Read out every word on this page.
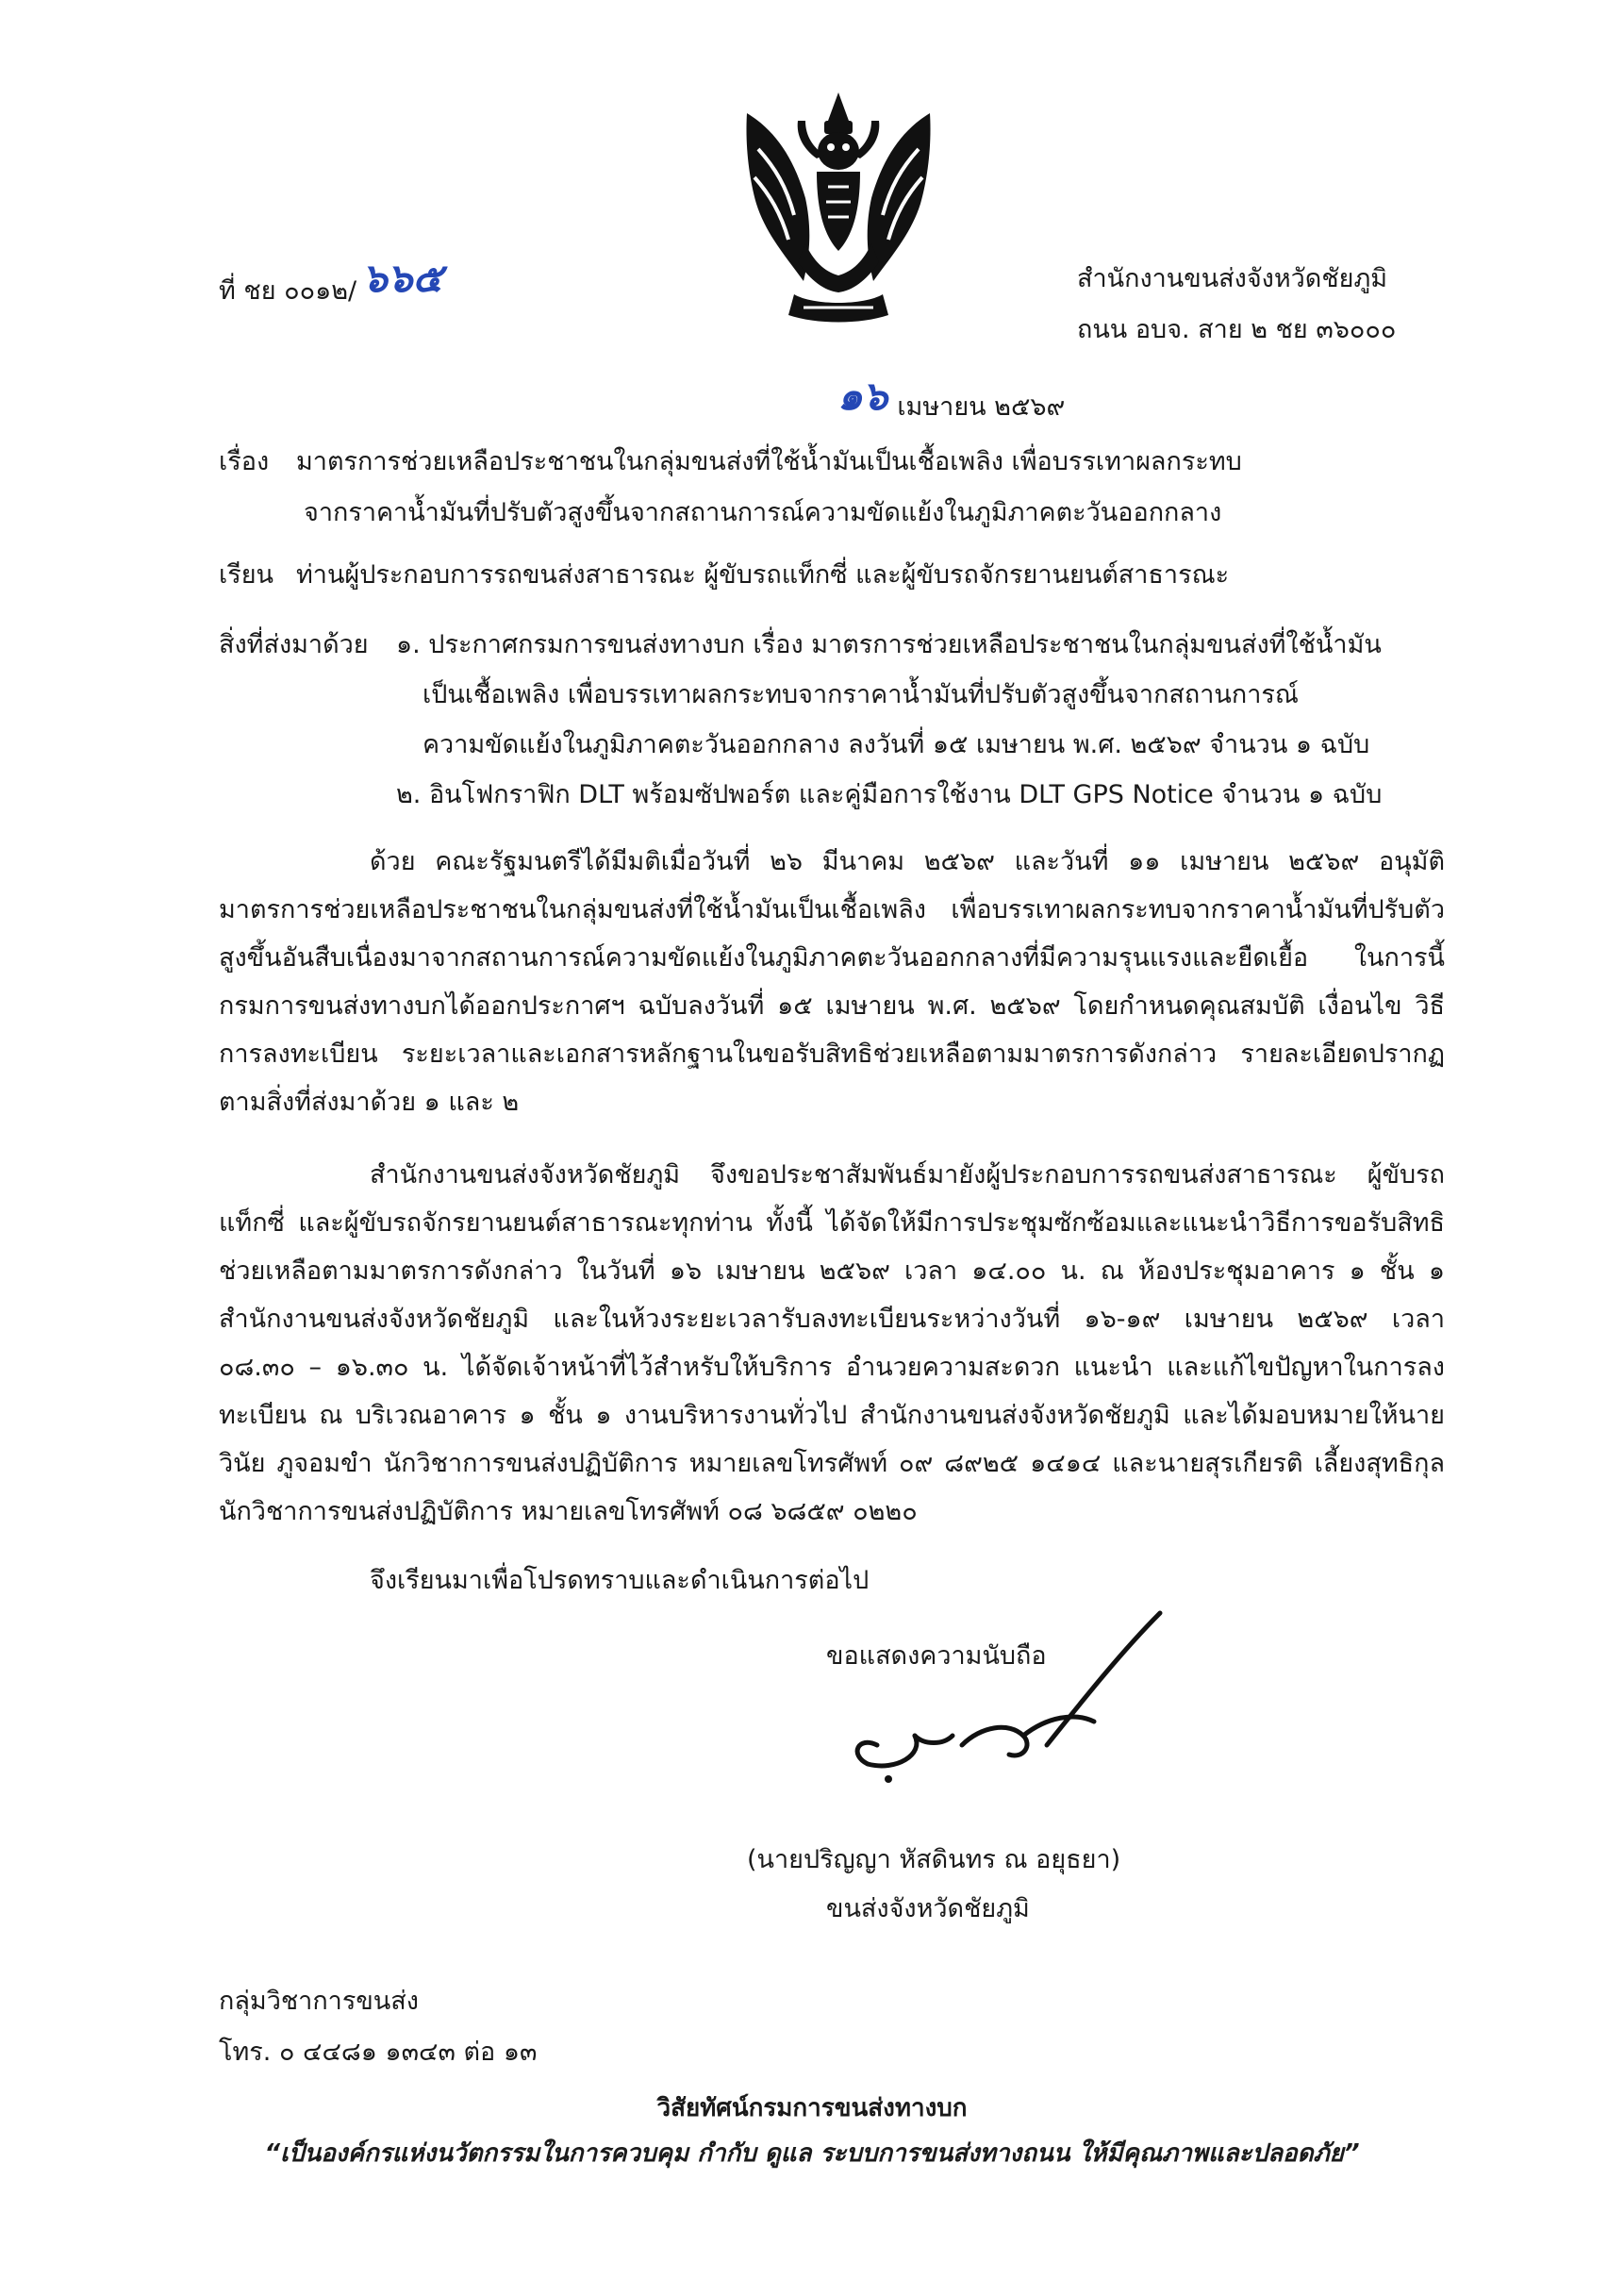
ที่ ชย ๐๐๑๒/ ๖๖๕	สำนักงานขนส่งจังหวัดชัยภูมิ
ถนน อบจ. สาย ๒ ชย ๓๖๐๐๐
๑๖ เมษายน ๒๕๖๙
เรื่อง มาตรการช่วยเหลือประชาชนในกลุ่มขนส่งที่ใช้น้ำมันเป็นเชื้อเพลิง เพื่อบรรเทาผลกระทบ
จากราคาน้ำมันที่ปรับตัวสูงขึ้นจากสถานการณ์ความขัดแย้งในภูมิภาคตะวันออกกลาง
เรียน ท่านผู้ประกอบการรถขนส่งสาธารณะ ผู้ขับรถแท็กซี่ และผู้ขับรถจักรยานยนต์สาธารณะ
สิ่งที่ส่งมาด้วย ๑. ประกาศกรมการขนส่งทางบก เรื่อง มาตรการช่วยเหลือประชาชนในกลุ่มขนส่งที่ใช้น้ำมัน
เป็นเชื้อเพลิง เพื่อบรรเทาผลกระทบจากราคาน้ำมันที่ปรับตัวสูงขึ้นจากสถานการณ์
ความขัดแย้งในภูมิภาคตะวันออกกลาง ลงวันที่ ๑๕ เมษายน พ.ศ. ๒๕๖๙ จำนวน ๑ ฉบับ
๒. อินโฟกราฟิก DLT พร้อมซัปพอร์ต และคู่มือการใช้งาน DLT GPS Notice จำนวน ๑ ฉบับ

ด้วย คณะรัฐมนตรีได้มีมติเมื่อวันที่ ๒๖ มีนาคม ๒๕๖๙ และวันที่ ๑๑ เมษายน ๒๕๖๙ อนุมัติมาตรการช่วยเหลือประชาชนในกลุ่มขนส่งที่ใช้น้ำมันเป็นเชื้อเพลิง เพื่อบรรเทาผลกระทบจากราคาน้ำมันที่ปรับตัวสูงขึ้นอันสืบเนื่องมาจากสถานการณ์ความขัดแย้งในภูมิภาคตะวันออกกลางที่มีความรุนแรงและยืดเยื้อ ในการนี้ กรมการขนส่งทางบกได้ออกประกาศฯ ฉบับลงวันที่ ๑๕ เมษายน พ.ศ. ๒๕๖๙ โดยกำหนดคุณสมบัติ เงื่อนไข วิธีการลงทะเบียน ระยะเวลาและเอกสารหลักฐานในขอรับสิทธิช่วยเหลือตามมาตรการดังกล่าว รายละเอียดปรากฏตามสิ่งที่ส่งมาด้วย ๑ และ ๒

สำนักงานขนส่งจังหวัดชัยภูมิ จึงขอประชาสัมพันธ์มายังผู้ประกอบการรถขนส่งสาธารณะ ผู้ขับรถแท็กซี่ และผู้ขับรถจักรยานยนต์สาธารณะทุกท่าน ทั้งนี้ ได้จัดให้มีการประชุมซักซ้อมและแนะนำวิธีการขอรับสิทธิช่วยเหลือตามมาตรการดังกล่าว ในวันที่ ๑๖ เมษายน ๒๕๖๙ เวลา ๑๔.๐๐ น. ณ ห้องประชุมอาคาร ๑ ชั้น ๑ สำนักงานขนส่งจังหวัดชัยภูมิ และในห้วงระยะเวลารับลงทะเบียนระหว่างวันที่ ๑๖-๑๙ เมษายน ๒๕๖๙ เวลา ๐๘.๓๐ – ๑๖.๓๐ น. ได้จัดเจ้าหน้าที่ไว้สำหรับให้บริการ อำนวยความสะดวก แนะนำ และแก้ไขปัญหาในการลงทะเบียน ณ บริเวณอาคาร ๑ ชั้น ๑ งานบริหารงานทั่วไป สำนักงานขนส่งจังหวัดชัยภูมิ และได้มอบหมายให้นายวินัย ภูจอมขำ นักวิชาการขนส่งปฏิบัติการ หมายเลขโทรศัพท์ ๐๙ ๘๙๒๕ ๑๔๑๔ และนายสุรเกียรติ เลี้ยงสุทธิกุล นักวิชาการขนส่งปฏิบัติการ หมายเลขโทรศัพท์ ๐๘ ๖๘๕๙ ๐๒๒๐

จึงเรียนมาเพื่อโปรดทราบและดำเนินการต่อไป
ขอแสดงความนับถือ
(นายปริญญา หัสดินทร ณ อยุธยา)
ขนส่งจังหวัดชัยภูมิ
กลุ่มวิชาการขนส่ง
โทร. ๐ ๔๔๘๑ ๑๓๔๓ ต่อ ๑๓
วิสัยทัศน์กรมการขนส่งทางบก
“เป็นองค์กรแห่งนวัตกรรมในการควบคุม กำกับ ดูแล ระบบการขนส่งทางถนน ให้มีคุณภาพและปลอดภัย”
